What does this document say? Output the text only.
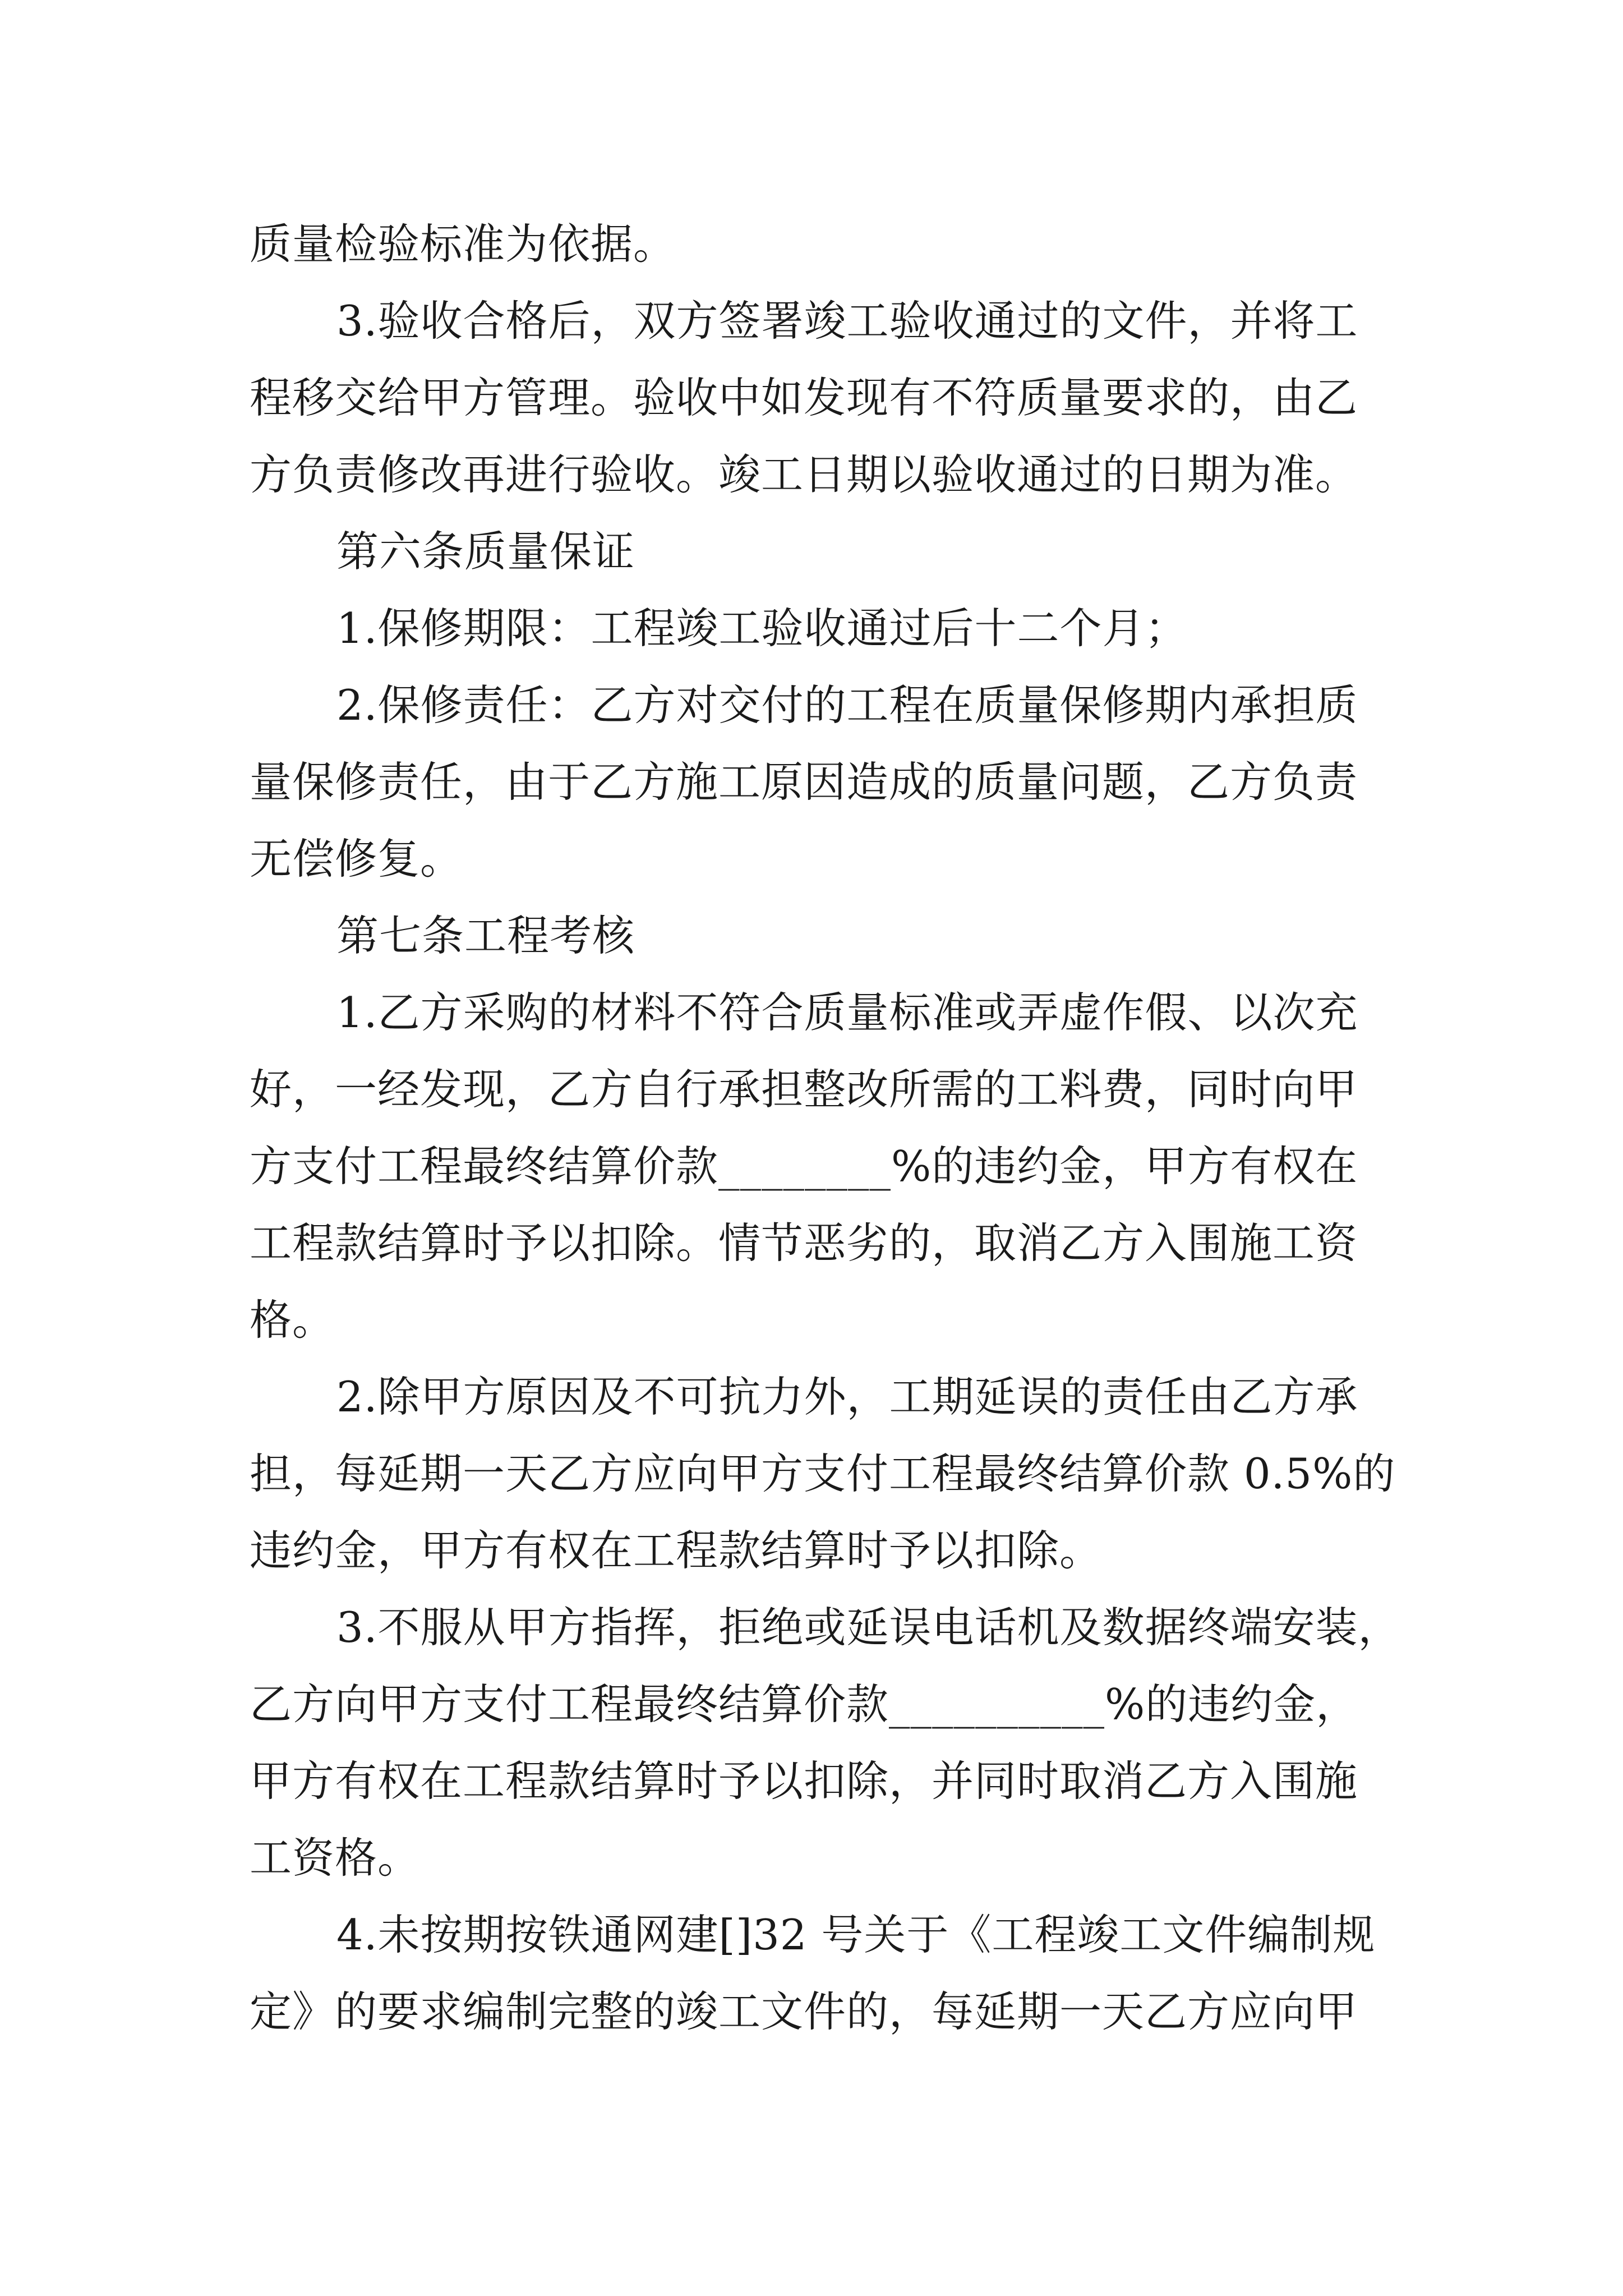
质量检验标准为依据。
3.验收合格后，双方签署竣工验收通过的文件，并将工
程移交给甲方管理。验收中如发现有不符质量要求的，由乙
方负责修改再进行验收。竣工日期以验收通过的日期为准。
第六条质量保证
1.保修期限：工程竣工验收通过后十二个月；
2.保修责任：乙方对交付的工程在质量保修期内承担质
量保修责任，由于乙方施工原因造成的质量问题，乙方负责
无偿修复。
第七条工程考核
1.乙方采购的材料不符合质量标准或弄虚作假、以次充
好，一经发现，乙方自行承担整改所需的工料费，同时向甲
方支付工程最终结算价款________%的违约金，甲方有权在
工程款结算时予以扣除。情节恶劣的，取消乙方入围施工资
格。
2.除甲方原因及不可抗力外，工期延误的责任由乙方承
担，每延期一天乙方应向甲方支付工程最终结算价款 0.5%的
违约金，甲方有权在工程款结算时予以扣除。
3.不服从甲方指挥，拒绝或延误电话机及数据终端安装，
乙方向甲方支付工程最终结算价款__________%的违约金，
甲方有权在工程款结算时予以扣除，并同时取消乙方入围施
工资格。
4.未按期按铁通网建[]32 号关于《工程竣工文件编制规
定》的要求编制完整的竣工文件的，每延期一天乙方应向甲
